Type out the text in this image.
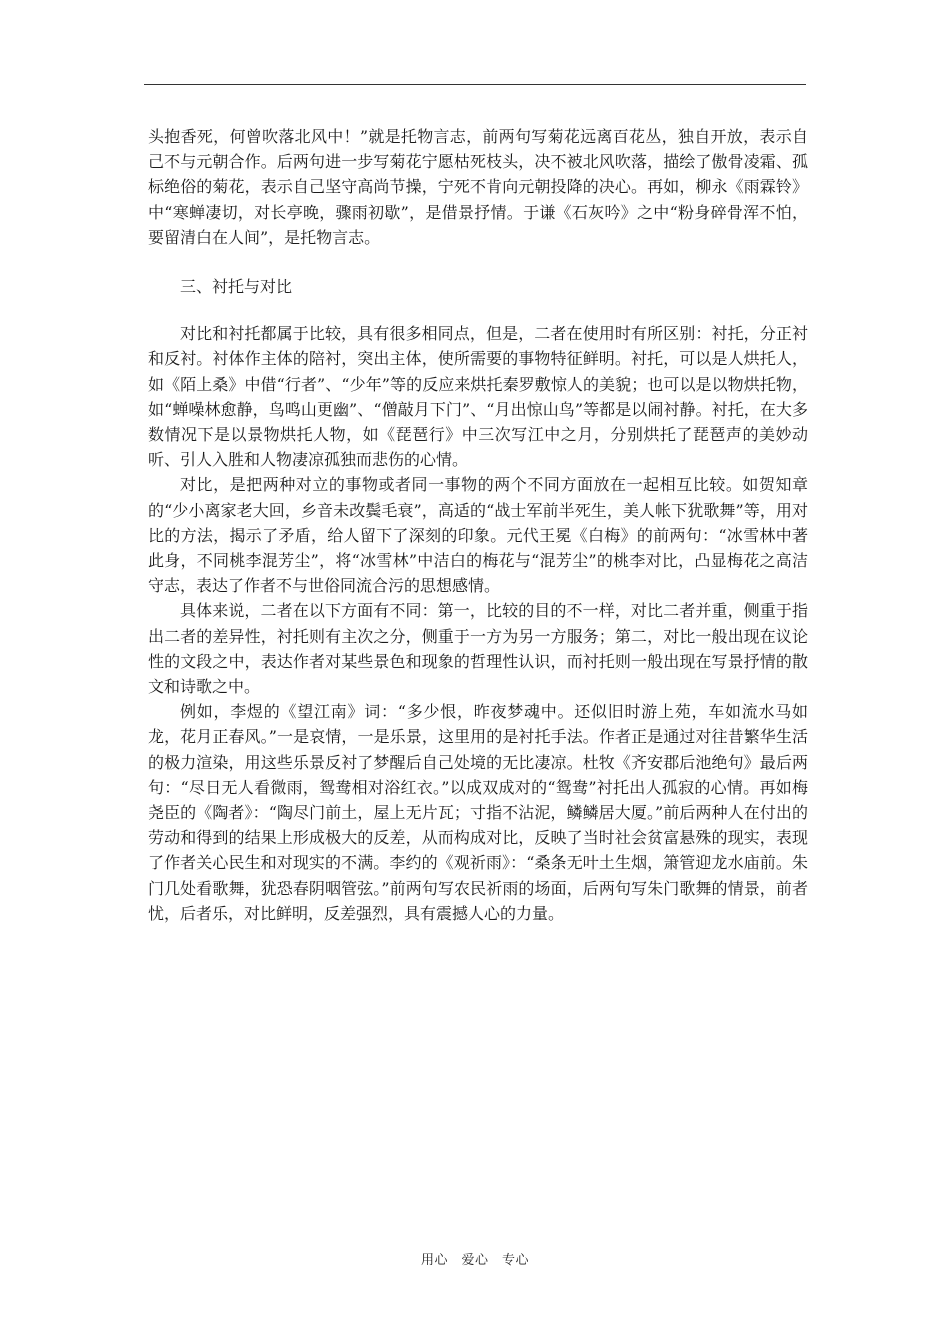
头抱香死，何曾吹落北风中！”就是托物言志，前两句写菊花远离百花丛，独自开放，表示自己不与元朝合作。后两句进一步写菊花宁愿枯死枝头，决不被北风吹落，描绘了傲骨凌霜、孤标绝俗的菊花，表示自己坚守高尚节操，宁死不肯向元朝投降的决心。再如，柳永《雨霖铃》中“寒蝉凄切，对长亭晚，骤雨初歇”，是借景抒情。于谦《石灰吟》之中“粉身碎骨浑不怕，要留清白在人间”，是托物言志。

三、衬托与对比

对比和衬托都属于比较，具有很多相同点，但是，二者在使用时有所区别：衬托，分正衬和反衬。衬体作主体的陪衬，突出主体，使所需要的事物特征鲜明。衬托，可以是人烘托人，如《陌上桑》中借“行者”、“少年”等的反应来烘托秦罗敷惊人的美貌；也可以是以物烘托物，如“蝉噪林愈静，鸟鸣山更幽”、“僧敲月下门”、“月出惊山鸟”等都是以闹衬静。衬托，在大多数情况下是以景物烘托人物，如《琵琶行》中三次写江中之月，分别烘托了琵琶声的美妙动听、引人入胜和人物凄凉孤独而悲伤的心情。

对比，是把两种对立的事物或者同一事物的两个不同方面放在一起相互比较。如贺知章的“少小离家老大回，乡音未改鬓毛衰”，高适的“战士军前半死生，美人帐下犹歌舞”等，用对比的方法，揭示了矛盾，给人留下了深刻的印象。元代王冕《白梅》的前两句：“冰雪林中著此身，不同桃李混芳尘”，将“冰雪林”中洁白的梅花与“混芳尘”的桃李对比，凸显梅花之高洁守志，表达了作者不与世俗同流合污的思想感情。

具体来说，二者在以下方面有不同：第一，比较的目的不一样，对比二者并重，侧重于指出二者的差异性，衬托则有主次之分，侧重于一方为另一方服务；第二，对比一般出现在议论性的文段之中，表达作者对某些景色和现象的哲理性认识，而衬托则一般出现在写景抒情的散文和诗歌之中。

例如，李煜的《望江南》词：“多少恨，昨夜梦魂中。还似旧时游上苑，车如流水马如龙，花月正春风。”一是哀情，一是乐景，这里用的是衬托手法。作者正是通过对往昔繁华生活的极力渲染，用这些乐景反衬了梦醒后自己处境的无比凄凉。杜牧《齐安郡后池绝句》最后两句：“尽日无人看微雨，鸳鸯相对浴红衣。”以成双成对的“鸳鸯”衬托出人孤寂的心情。再如梅尧臣的《陶者》：“陶尽门前土，屋上无片瓦；寸指不沾泥，鳞鳞居大厦。”前后两种人在付出的劳动和得到的结果上形成极大的反差，从而构成对比，反映了当时社会贫富悬殊的现实，表现了作者关心民生和对现实的不满。李约的《观祈雨》：“桑条无叶土生烟，箫管迎龙水庙前。朱门几处看歌舞，犹恐春阴咽管弦。”前两句写农民祈雨的场面，后两句写朱门歌舞的情景，前者忧，后者乐，对比鲜明，反差强烈，具有震撼人心的力量。

用心　爱心　专心
